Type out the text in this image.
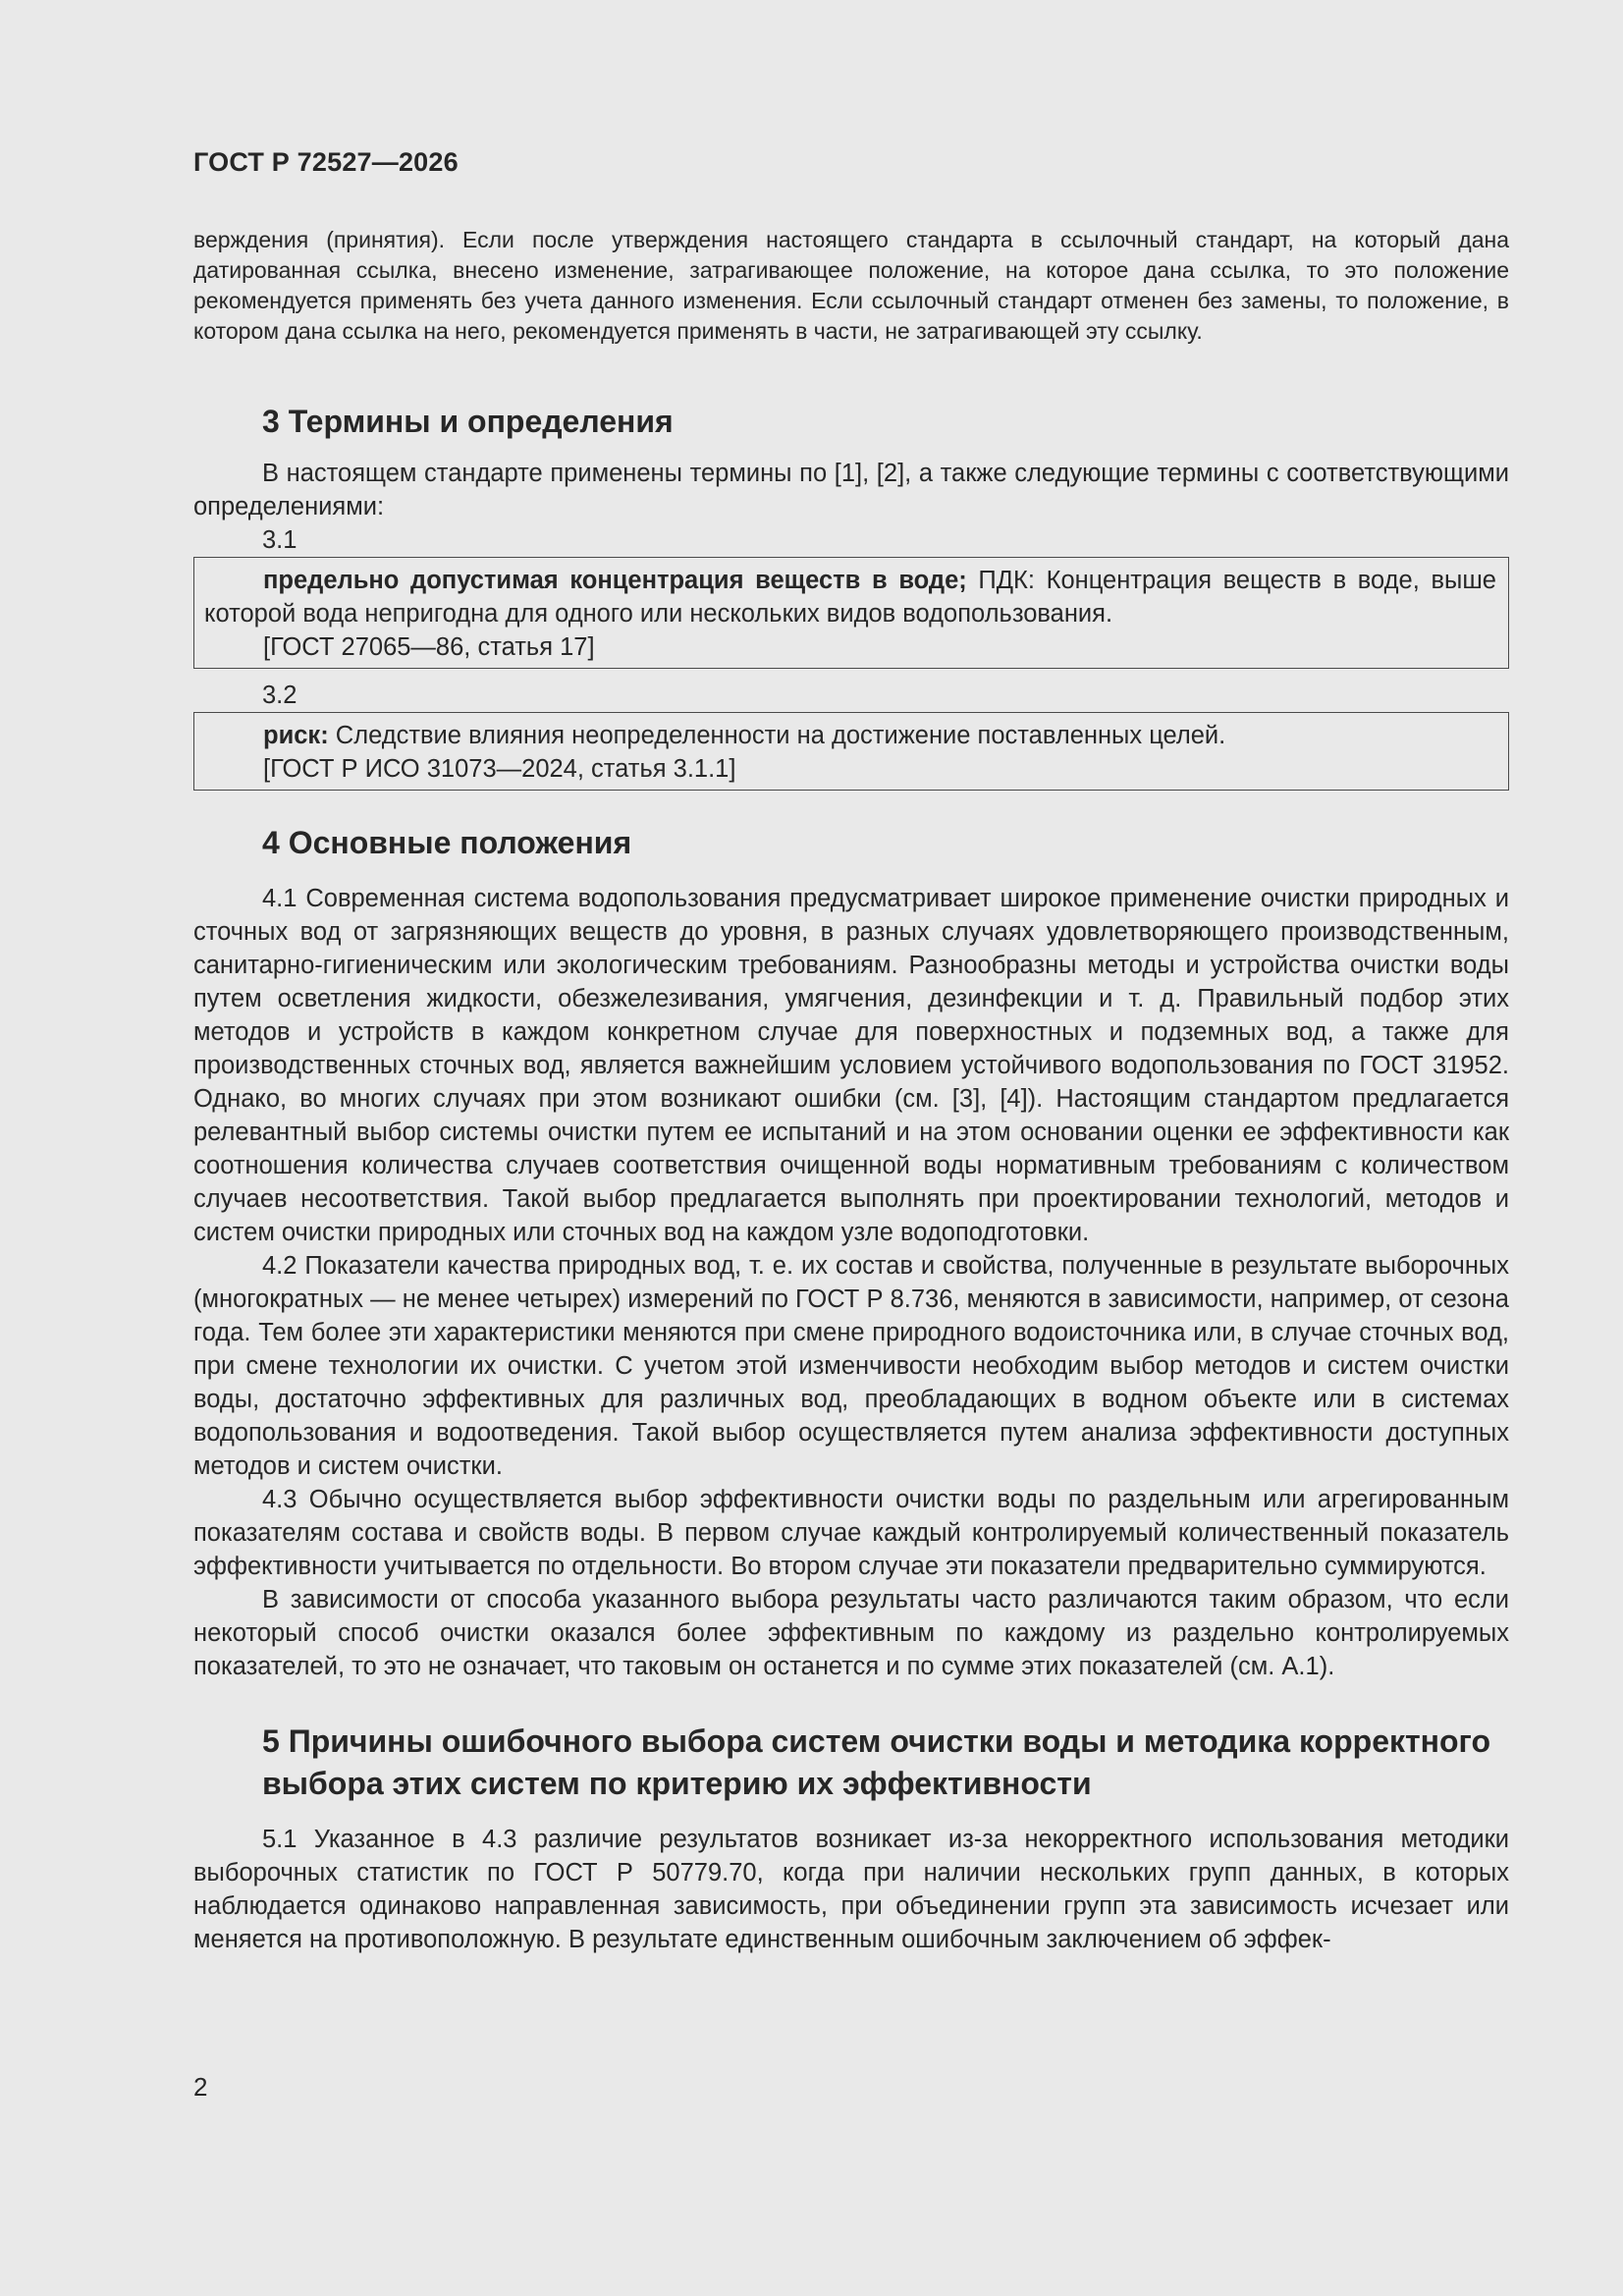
ГОСТ Р 72527—2026

верждения (принятия). Если после утверждения настоящего стандарта в ссылочный стандарт, на который дана датированная ссылка, внесено изменение, затрагивающее положение, на которое дана ссылка, то это положение рекомендуется применять без учета данного изменения. Если ссылочный стандарт отменен без замены, то положение, в котором дана ссылка на него, рекомендуется применять в части, не затрагивающей эту ссылку.

3 Термины и определения

В настоящем стандарте применены термины по [1], [2], а также следующие термины с соответствующими определениями:

3.1
предельно допустимая концентрация веществ в воде; ПДК: Концентрация веществ в воде, выше которой вода непригодна для одного или нескольких видов водопользования.
[ГОСТ 27065—86, статья 17]
3.2
риск: Следствие влияния неопределенности на достижение поставленных целей.
[ГОСТ Р ИСО 31073—2024, статья 3.1.1]
4 Основные положения

4.1 Современная система водопользования предусматривает широкое применение очистки природных и сточных вод от загрязняющих веществ до уровня, в разных случаях удовлетворяющего производственным, санитарно-гигиеническим или экологическим требованиям. Разнообразны методы и устройства очистки воды путем осветления жидкости, обезжелезивания, умягчения, дезинфекции и т. д. Правильный подбор этих методов и устройств в каждом конкретном случае для поверхностных и подземных вод, а также для производственных сточных вод, является важнейшим условием устойчивого водопользования по ГОСТ 31952. Однако, во многих случаях при этом возникают ошибки (см. [3], [4]). Настоящим стандартом предлагается релевантный выбор системы очистки путем ее испытаний и на этом основании оценки ее эффективности как соотношения количества случаев соответствия очищенной воды нормативным требованиям с количеством случаев несоответствия. Такой выбор предлагается выполнять при проектировании технологий, методов и систем очистки природных или сточных вод на каждом узле водоподготовки.

4.2 Показатели качества природных вод, т. е. их состав и свойства, полученные в результате выборочных (многократных — не менее четырех) измерений по ГОСТ Р 8.736, меняются в зависимости, например, от сезона года. Тем более эти характеристики меняются при смене природного водоисточника или, в случае сточных вод, при смене технологии их очистки. С учетом этой изменчивости необходим выбор методов и систем очистки воды, достаточно эффективных для различных вод, преобладающих в водном объекте или в системах водопользования и водоотведения. Такой выбор осуществляется путем анализа эффективности доступных методов и систем очистки.

4.3 Обычно осуществляется выбор эффективности очистки воды по раздельным или агрегированным показателям состава и свойств воды. В первом случае каждый контролируемый количественный показатель эффективности учитывается по отдельности. Во втором случае эти показатели предварительно суммируются.

В зависимости от способа указанного выбора результаты часто различаются таким образом, что если некоторый способ очистки оказался более эффективным по каждому из раздельно контролируемых показателей, то это не означает, что таковым он останется и по сумме этих показателей (см. А.1).

5 Причины ошибочного выбора систем очистки воды и методика корректного выбора этих систем по критерию их эффективности

5.1 Указанное в 4.3 различие результатов возникает из-за некорректного использования методики выборочных статистик по ГОСТ Р 50779.70, когда при наличии нескольких групп данных, в которых наблюдается одинаково направленная зависимость, при объединении групп эта зависимость исчезает или меняется на противоположную. В результате единственным ошибочным заключением об эффек-

2
